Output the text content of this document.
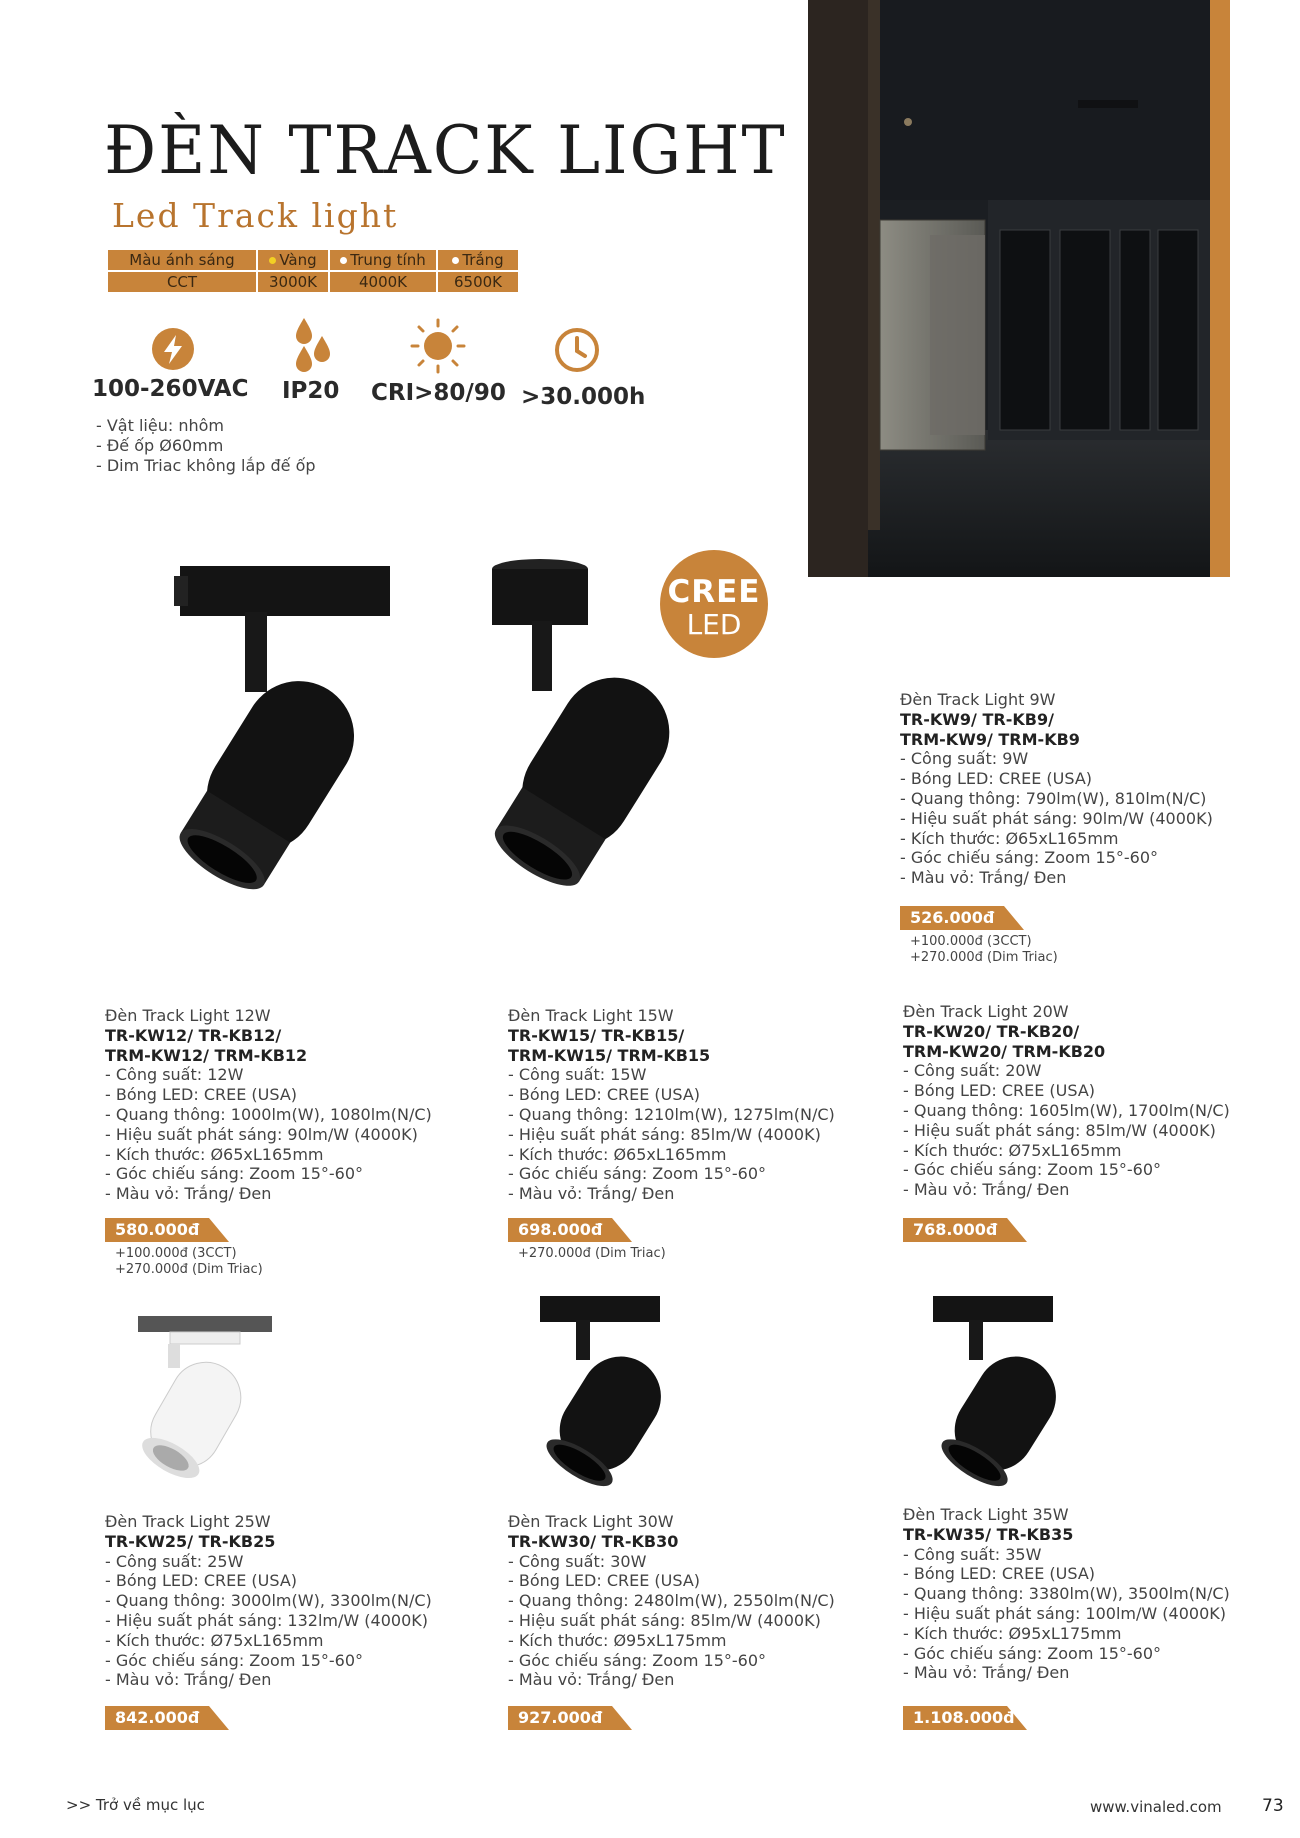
ĐÈN TRACK LIGHT
Led Track light
Màu ánh sáng	Vàng	Trung tính	Trắng
CCT	3000K	4000K	6500K
100-260VAC IP20 CRI>80/90 >30.000h
- Vật liệu: nhôm
- Đế ốp Ø60mm
- Dim Triac không lắp đế ốp
CREE
LED
Đèn Track Light 9W
TR-KW9/ TR-KB9/
TRM-KW9/ TRM-KB9
- Công suất: 9W
- Bóng LED: CREE (USA)
- Quang thông: 790lm(W), 810lm(N/C)
- Hiệu suất phát sáng: 90lm/W (4000K)
- Kích thước: Ø65xL165mm
- Góc chiếu sáng: Zoom 15°-60°
- Màu vỏ: Trắng/ Đen
526.000đ
+100.000đ (3CCT)
+270.000đ (Dim Triac)
Đèn Track Light 12W
TR-KW12/ TR-KB12/
TRM-KW12/ TRM-KB12
- Công suất: 12W
- Bóng LED: CREE (USA)
- Quang thông: 1000lm(W), 1080lm(N/C)
- Hiệu suất phát sáng: 90lm/W (4000K)
- Kích thước: Ø65xL165mm
- Góc chiếu sáng: Zoom 15°-60°
- Màu vỏ: Trắng/ Đen
580.000đ
+100.000đ (3CCT)
+270.000đ (Dim Triac)
Đèn Track Light 15W
TR-KW15/ TR-KB15/
TRM-KW15/ TRM-KB15
- Công suất: 15W
- Bóng LED: CREE (USA)
- Quang thông: 1210lm(W), 1275lm(N/C)
- Hiệu suất phát sáng: 85lm/W (4000K)
- Kích thước: Ø65xL165mm
- Góc chiếu sáng: Zoom 15°-60°
- Màu vỏ: Trắng/ Đen
698.000đ
+270.000đ (Dim Triac)
Đèn Track Light 20W
TR-KW20/ TR-KB20/
TRM-KW20/ TRM-KB20
- Công suất: 20W
- Bóng LED: CREE (USA)
- Quang thông: 1605lm(W), 1700lm(N/C)
- Hiệu suất phát sáng: 85lm/W (4000K)
- Kích thước: Ø75xL165mm
- Góc chiếu sáng: Zoom 15°-60°
- Màu vỏ: Trắng/ Đen
768.000đ
Đèn Track Light 25W
TR-KW25/ TR-KB25
- Công suất: 25W
- Bóng LED: CREE (USA)
- Quang thông: 3000lm(W), 3300lm(N/C)
- Hiệu suất phát sáng: 132lm/W (4000K)
- Kích thước: Ø75xL165mm
- Góc chiếu sáng: Zoom 15°-60°
- Màu vỏ: Trắng/ Đen
842.000đ
Đèn Track Light 30W
TR-KW30/ TR-KB30
- Công suất: 30W
- Bóng LED: CREE (USA)
- Quang thông: 2480lm(W), 2550lm(N/C)
- Hiệu suất phát sáng: 85lm/W (4000K)
- Kích thước: Ø95xL175mm
- Góc chiếu sáng: Zoom 15°-60°
- Màu vỏ: Trắng/ Đen
927.000đ
Đèn Track Light 35W
TR-KW35/ TR-KB35
- Công suất: 35W
- Bóng LED: CREE (USA)
- Quang thông: 3380lm(W), 3500lm(N/C)
- Hiệu suất phát sáng: 100lm/W (4000K)
- Kích thước: Ø95xL175mm
- Góc chiếu sáng: Zoom 15°-60°
- Màu vỏ: Trắng/ Đen
1.108.000đ
>> Trở về mục lục	www.vinaled.com 73
